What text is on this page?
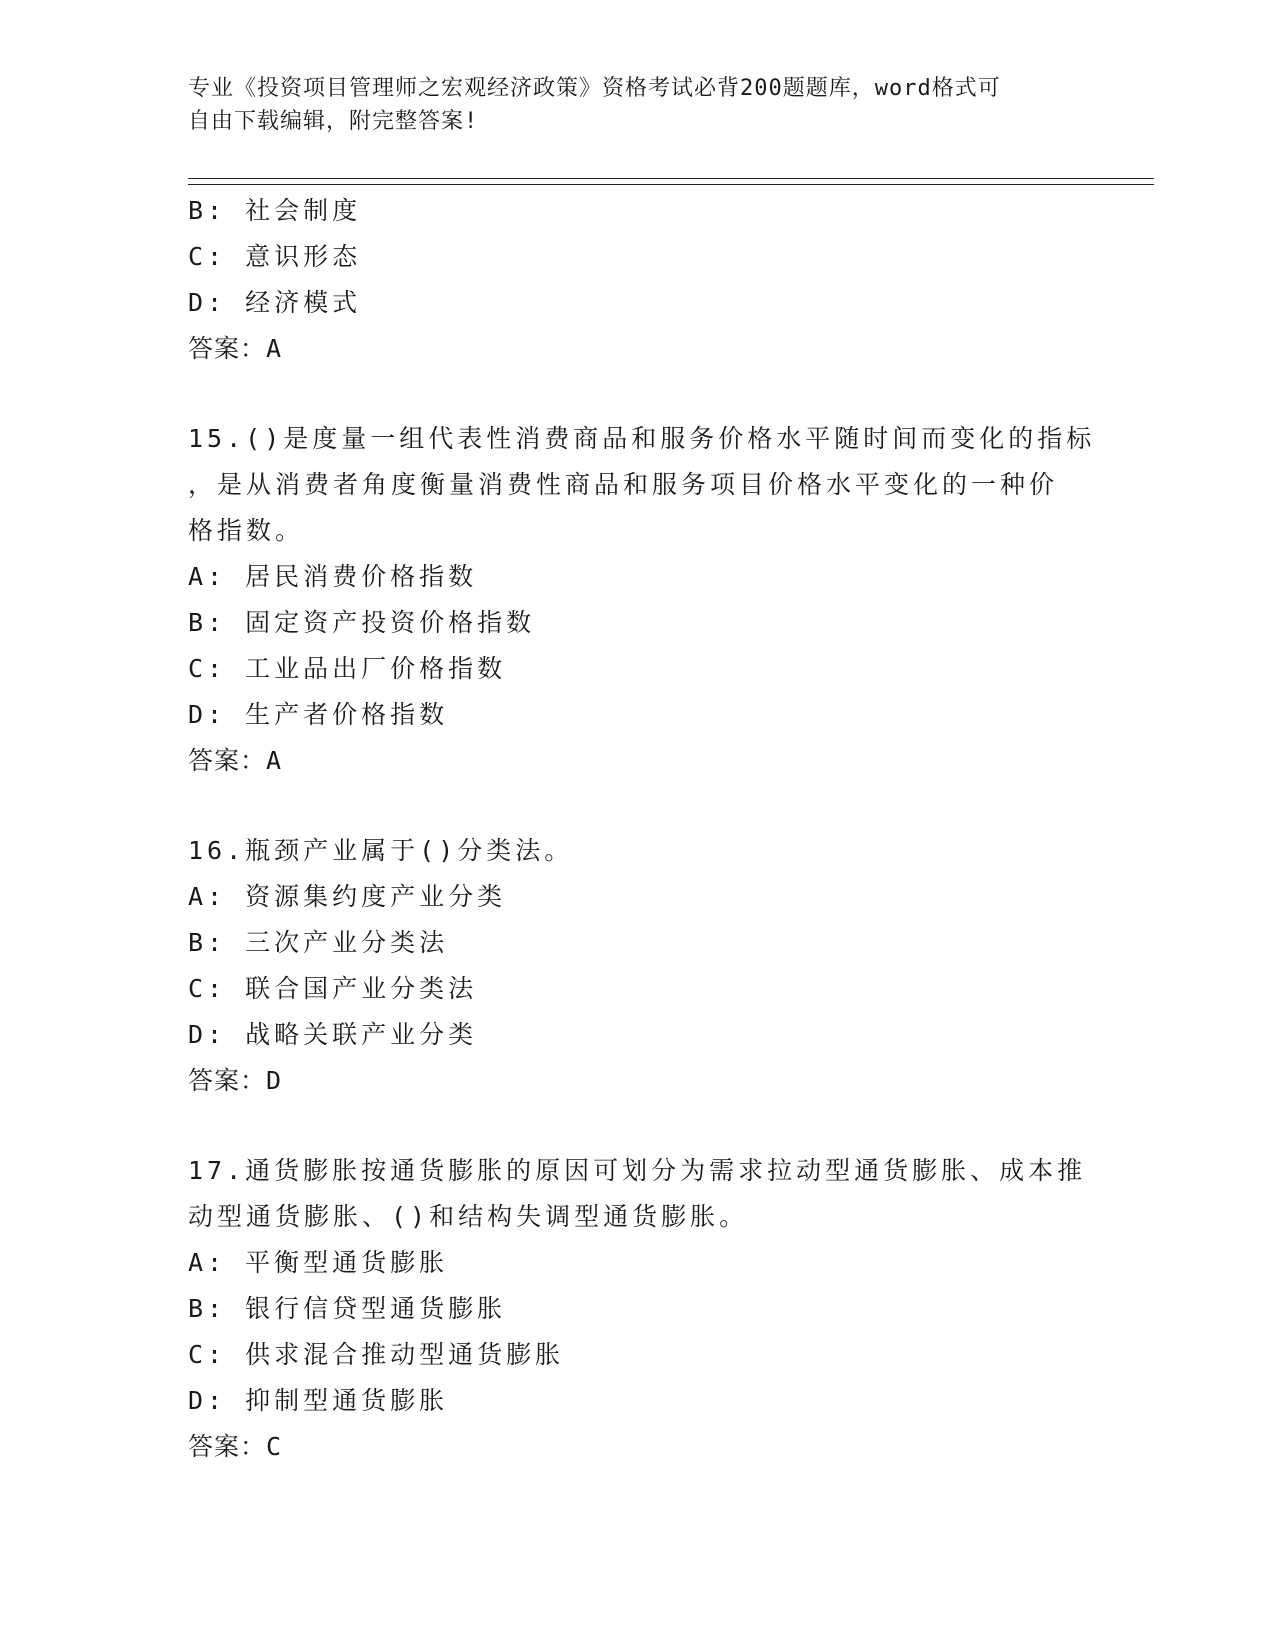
专业《投资项目管理师之宏观经济政策》资格考试必背200题题库，word格式可
自由下载编辑，附完整答案!
B: 社会制度
C: 意识形态
D: 经济模式
答案：A
15.()是度量一组代表性消费商品和服务价格水平随时间而变化的指标
，是从消费者角度衡量消费性商品和服务项目价格水平变化的一种价
格指数。
A: 居民消费价格指数
B: 固定资产投资价格指数
C: 工业品出厂价格指数
D: 生产者价格指数
答案：A
16.瓶颈产业属于()分类法。
A: 资源集约度产业分类
B: 三次产业分类法
C: 联合国产业分类法
D: 战略关联产业分类
答案：D
17.通货膨胀按通货膨胀的原因可划分为需求拉动型通货膨胀、成本推
动型通货膨胀、()和结构失调型通货膨胀。
A: 平衡型通货膨胀
B: 银行信贷型通货膨胀
C: 供求混合推动型通货膨胀
D: 抑制型通货膨胀
答案：C
